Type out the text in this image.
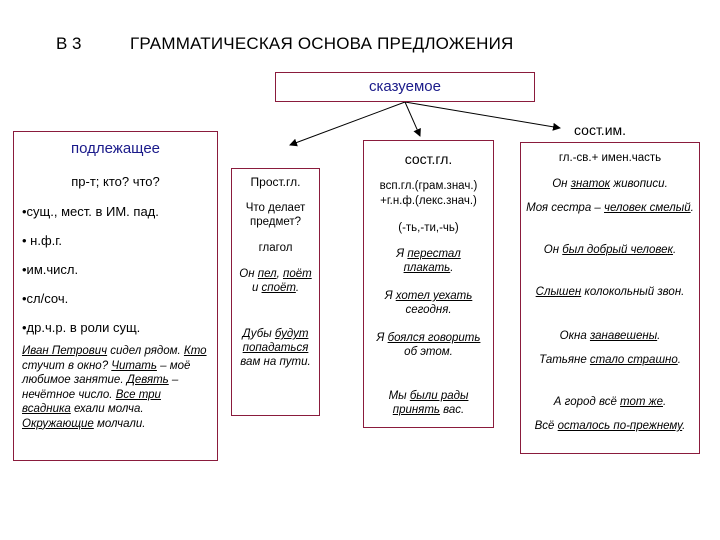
В 3	ГРАММАТИЧЕСКАЯ ОСНОВА ПРЕДЛОЖЕНИЯ
сказуемое
подлежащее
пр-т; кто? что?
•сущ., мест. в ИМ. пад.
• н.ф.г.
•им.числ.
•сл/соч.
•др.ч.р. в роли сущ.
Иван Петрович сидел рядом. Кто стучит в окно? Читать – моё любимое занятие. Девять – нечётное число. Все три всадника ехали молча. Окружающие молчали.
Прост.гл.
Что делает предмет?
глагол
Он пел, поёт и споёт.
Дубы будут попадаться вам на пути.
сост.гл.
всп.гл.(грам.знач.)
+г.н.ф.(лекс.знач.)
(-ть,-ти,-чь)
Я перестал плакать.
Я хотел уехать сегодня.
Я боялся говорить об этом.
Мы были рады принять вас.
сост.им.
гл.-св.+ имен.часть
Он знаток живописи.
Моя сестра – человек смелый.
Он был добрый человек.
Слышен колокольный звон.
Окна занавешены.
Татьяне стало страшно.
А город всё тот же.
Всё осталось по-прежнему.
